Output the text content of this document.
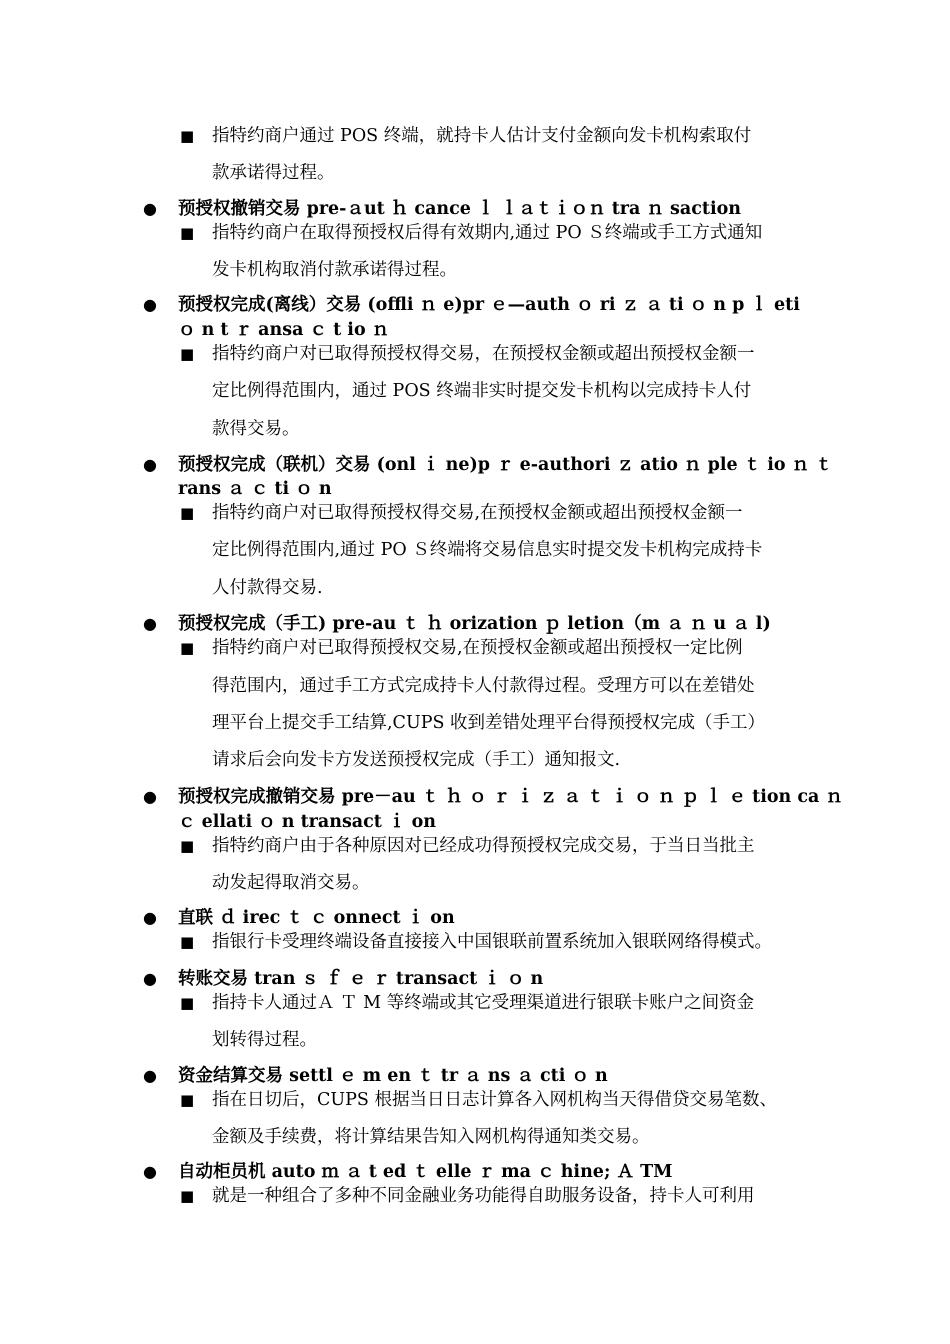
■ 指特约商户通过 POS 终端，就持卡人估计支付金额向发卡机构索取付
款承诺得过程。
● 预授权撤销交易 pre-ａut ｈ cance ｌ ｌａｔｉｏｎ tra ｎ saction
■ 指特约商户在取得预授权后得有效期内,通过 PO Ｓ终端或手工方式通知
发卡机构取消付款承诺得过程。
● 预授权完成(离线）交易 (offli ｎ e)pr ｅ—auth ｏ ri ｚ ａ ti ｏ n p ｌ eti
ｏ n t ｒ ansa ｃ t io ｎ
■ 指特约商户对已取得预授权得交易，在预授权金额或超出预授权金额一
定比例得范围内，通过 POS 终端非实时提交发卡机构以完成持卡人付
款得交易。
● 预授权完成（联机）交易 (onl ｉ ne)p ｒ e-authori ｚ atio ｎ ple ｔ io ｎ ｔ
rans ａ ｃ ti ｏ n
■ 指特约商户对已取得预授权得交易,在预授权金额或超出预授权金额一
定比例得范围内,通过 PO Ｓ终端将交易信息实时提交发卡机构完成持卡
人付款得交易.
● 预授权完成（手工) pre-au ｔ ｈ orization ｐ letion（m ａ ｎ u ａ l)
■ 指特约商户对已取得预授权交易,在预授权金额或超出预授权一定比例
得范围内，通过手工方式完成持卡人付款得过程。受理方可以在差错处
理平台上提交手工结算,CUPS 收到差错处理平台得预授权完成（手工）
请求后会向发卡方发送预授权完成（手工）通知报文.
● 预授权完成撤销交易 pre－au ｔ ｈ ｏ ｒ ｉ ｚ ａ ｔ ｉ ｏ ｎ ｐ ｌ ｅ tion ca ｎ
ｃ ellati ｏ n transact ｉ on
■ 指特约商户由于各种原因对已经成功得预授权完成交易，于当日当批主
动发起得取消交易。
● 直联 ｄ irec ｔ ｃ onnect ｉ on
■ 指银行卡受理终端设备直接接入中国银联前置系统加入银联网络得模式。
● 转账交易 tran ｓ ｆ ｅ ｒ transact ｉ ｏ n
■ 指持卡人通过Ａ Ｔ M 等终端或其它受理渠道进行银联卡账户之间资金
划转得过程。
● 资金结算交易 settl ｅ m en ｔ tr ａ ns ａ cti ｏ n
■ 指在日切后，CUPS 根据当日日志计算各入网机构当天得借贷交易笔数、
金额及手续费，将计算结果告知入网机构得通知类交易。
● 自动柜员机 auto ｍ ａ t ed ｔ elle ｒ ma ｃ hine; Ａ TM
■ 就是一种组合了多种不同金融业务功能得自助服务设备，持卡人可利用
